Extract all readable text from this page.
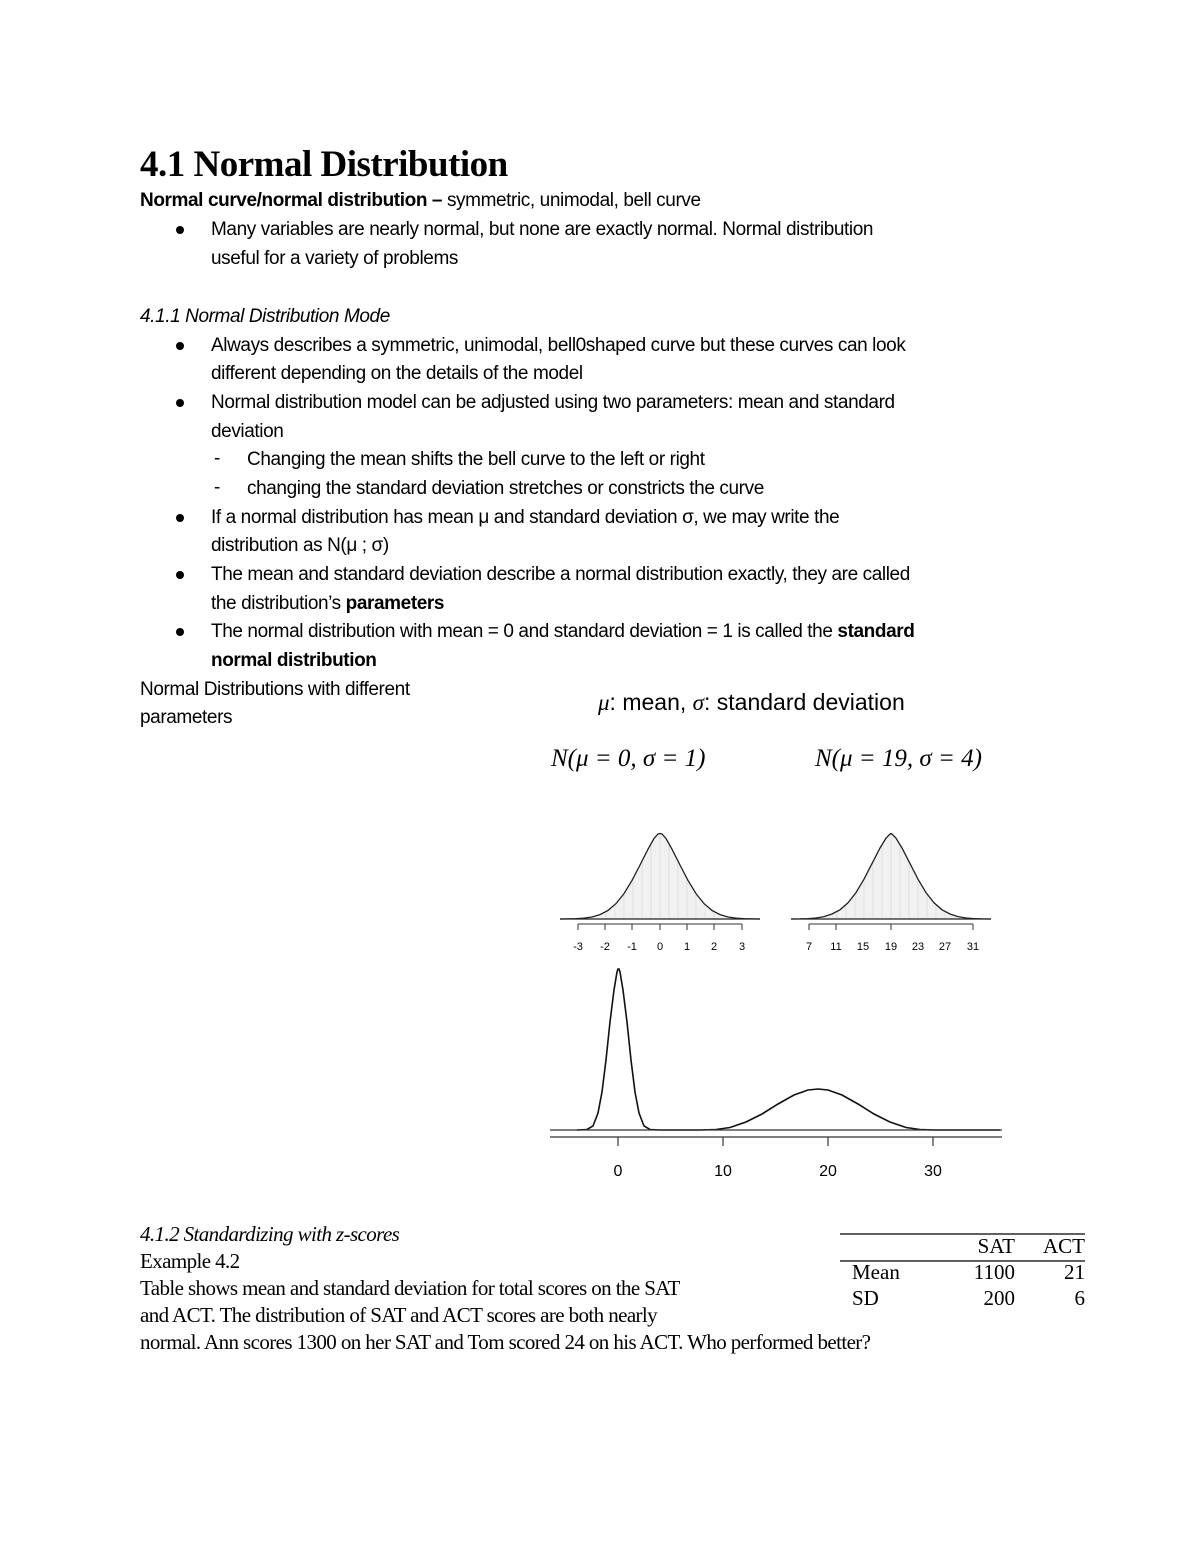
4.1 Normal Distribution
Normal curve/normal distribution – symmetric, unimodal, bell curve
Many variables are nearly normal, but none are exactly normal. Normal distribution
useful for a variety of problems
4.1.1 Normal Distribution Mode
Always describes a symmetric, unimodal, bell0shaped curve but these curves can look
different depending on the details of the model
Normal distribution model can be adjusted using two parameters: mean and standard
deviation
- Changing the mean shifts the bell curve to the left or right
- changing the standard deviation stretches or constricts the curve
If a normal distribution has mean μ and standard deviation σ, we may write the
distribution as N(μ ; σ)
The mean and standard deviation describe a normal distribution exactly, they are called
the distribution’s parameters
The normal distribution with mean = 0 and standard deviation = 1 is called the standard
normal distribution
Normal Distributions with different
parameters
μ: mean, σ: standard deviation
N(μ = 0, σ = 1)	N(μ = 19, σ = 4)
-3 -2 -1 0 1 2 3	7 11 15 19 23 27 31
0	10	20	30
4.1.2 Standardizing with z-scores
Example 4.2
Table shows mean and standard deviation for total scores on the SAT
and ACT. The distribution of SAT and ACT scores are both nearly
normal. Ann scores 1300 on her SAT and Tom scored 24 on his ACT. Who performed better?
	SAT	ACT
Mean	1100	21
SD	200	6
